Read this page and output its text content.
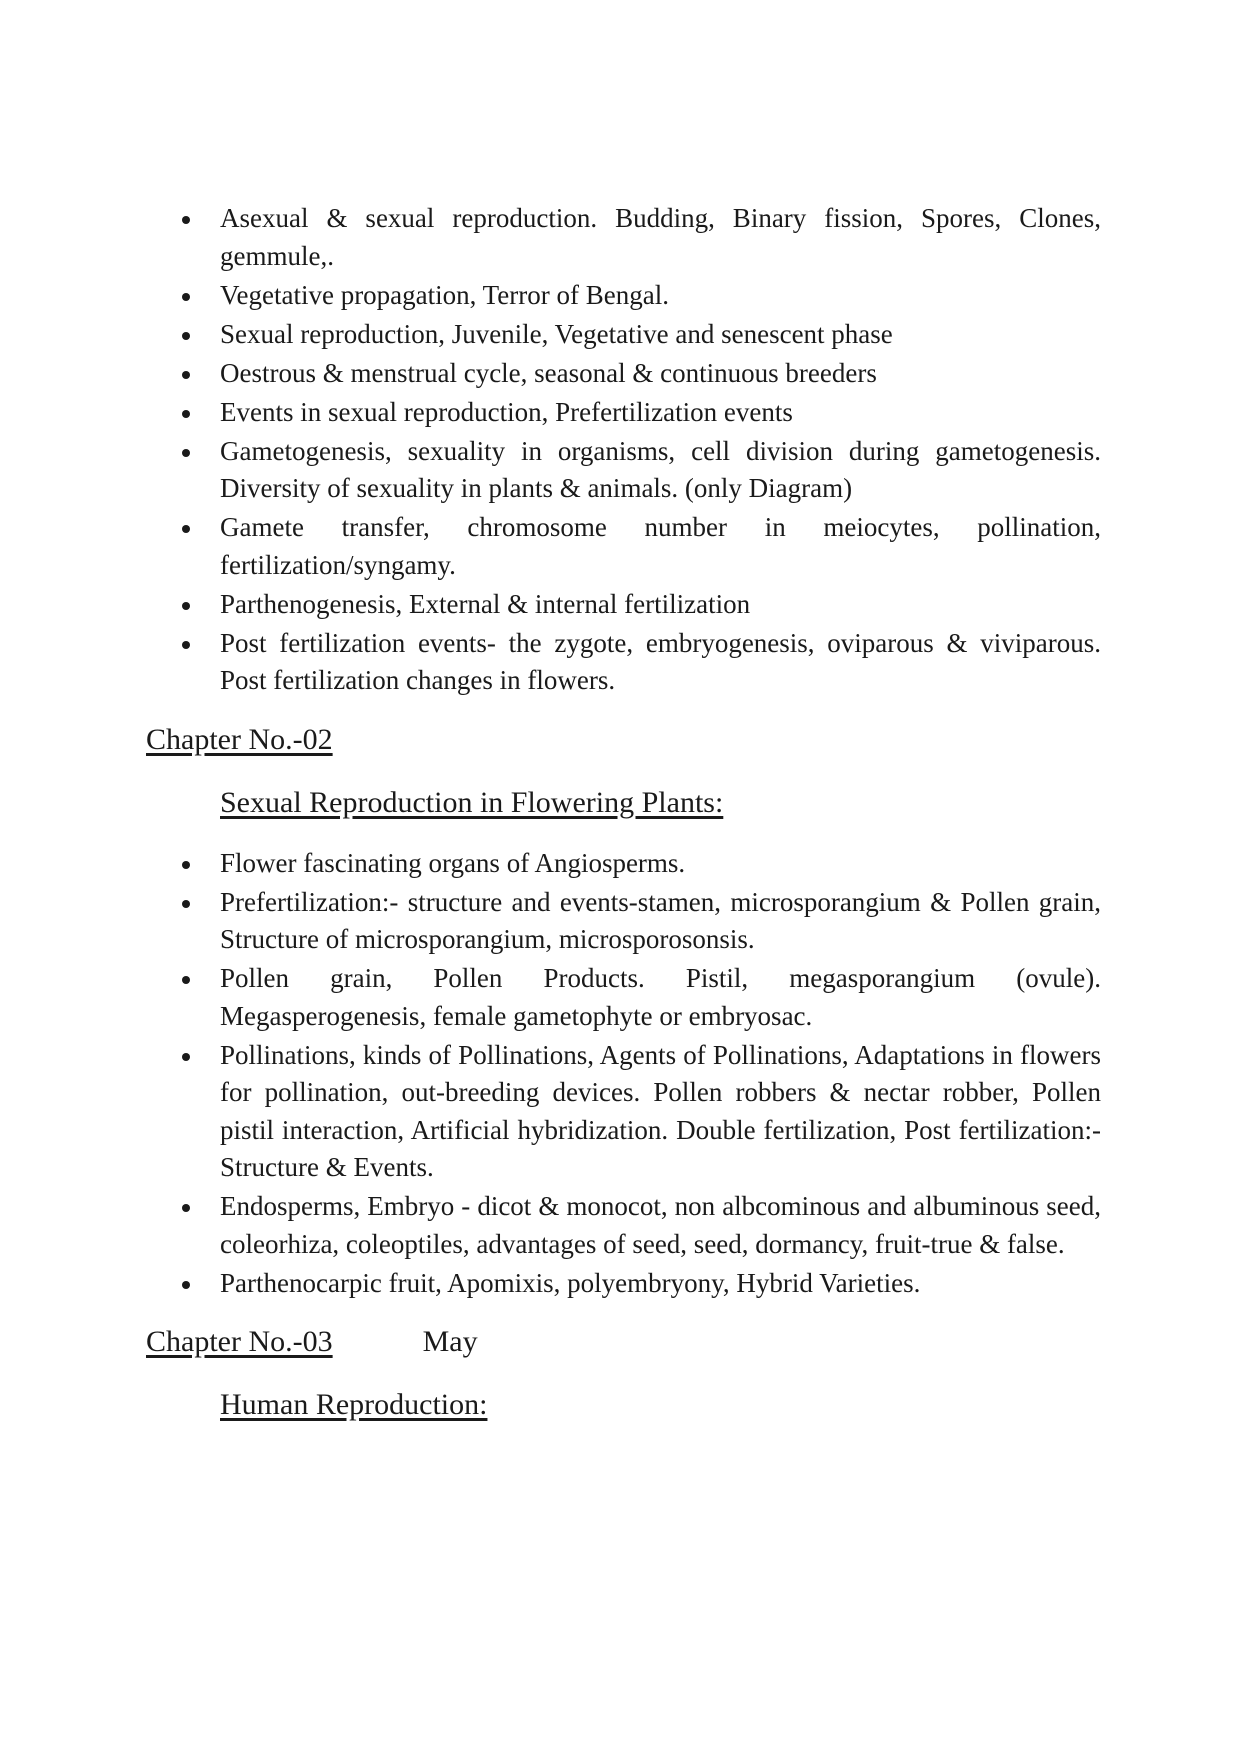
Asexual & sexual reproduction. Budding, Binary fission, Spores, Clones, gemmule,.
Vegetative propagation, Terror of Bengal.
Sexual reproduction, Juvenile, Vegetative and senescent phase
Oestrous & menstrual cycle, seasonal & continuous breeders
Events in sexual reproduction, Prefertilization events
Gametogenesis, sexuality in organisms, cell division during gametogenesis. Diversity of sexuality in plants & animals. (only Diagram)
Gamete transfer, chromosome number in meiocytes, pollination, fertilization/syngamy.
Parthenogenesis, External & internal fertilization
Post fertilization events- the zygote, embryogenesis, oviparous & viviparous. Post fertilization changes in flowers.

Chapter No.-02

Sexual Reproduction in Flowering Plants:

Flower fascinating organs of Angiosperms.
Prefertilization:- structure and events-stamen, microsporangium & Pollen grain, Structure of microsporangium, microsporosonsis.
Pollen grain, Pollen Products. Pistil, megasporangium (ovule). Megasperogenesis, female gametophyte or embryosac.
Pollinations, kinds of Pollinations, Agents of Pollinations, Adaptations in flowers for pollination, out-breeding devices. Pollen robbers & nectar robber, Pollen pistil interaction, Artificial hybridization. Double fertilization, Post fertilization:- Structure & Events.
Endosperms, Embryo - dicot & monocot, non albcominous and albuminous seed, coleorhiza, coleoptiles, advantages of seed, seed, dormancy, fruit-true & false.
Parthenocarpic fruit, Apomixis, polyembryony, Hybrid Varieties.

Chapter No.-03	May

Human Reproduction:
